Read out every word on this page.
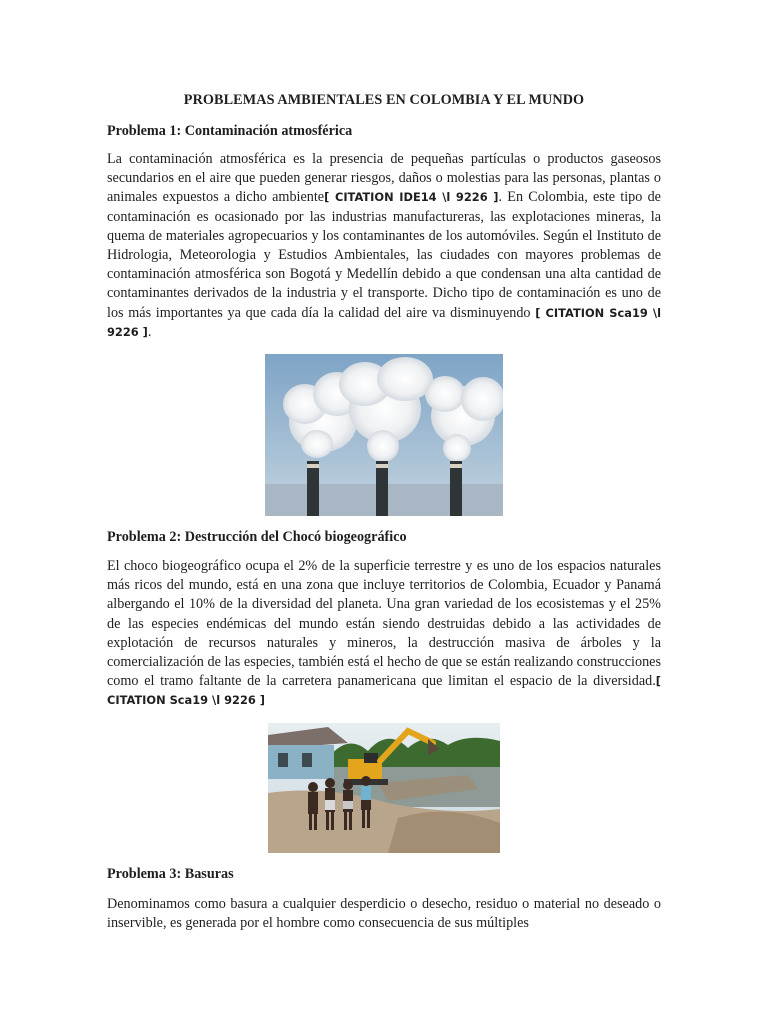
PROBLEMAS AMBIENTALES EN COLOMBIA Y EL MUNDO
Problema 1: Contaminación atmosférica

La contaminación atmosférica es la presencia de pequeñas partículas o productos gaseosos secundarios en el aire que pueden generar riesgos, daños o molestias para las personas, plantas o animales expuestos a dicho ambiente[ CITATION IDE14 \l 9226 ]. En Colombia, este tipo de contaminación es ocasionado por las industrias manufactureras, las explotaciones mineras, la quema de materiales agropecuarios y los contaminantes de los automóviles. Según el Instituto de Hidrologia, Meteorologia y Estudios Ambientales, las ciudades con mayores problemas de contaminación atmosférica son Bogotá y Medellín debido a que condensan una alta cantidad de contaminantes derivados de la industria y el transporte. Dicho tipo de contaminación es uno de los más importantes ya que cada día la calidad del aire va disminuyendo [ CITATION Sca19 \l 9226 ].

Problema 2: Destrucción del Chocó biogeográfico

El choco biogeográfico ocupa el 2% de la superficie terrestre y es uno de los espacios naturales más ricos del mundo, está en una zona que incluye territorios de Colombia, Ecuador y Panamá albergando el 10% de la diversidad del planeta. Una gran variedad de los ecosistemas y el 25% de las especies endémicas del mundo están siendo destruidas debido a las actividades de explotación de recursos naturales y mineros, la destrucción masiva de árboles y la comercialización de las especies, también está el hecho de que se están realizando construcciones como el tramo faltante de la carretera panamericana que limitan el espacio de la diversidad.[ CITATION Sca19 \l 9226 ]

Problema 3: Basuras

Denominamos como basura a cualquier desperdicio o desecho, residuo o material no deseado o inservible, es generada por el hombre como consecuencia de sus múltiples
